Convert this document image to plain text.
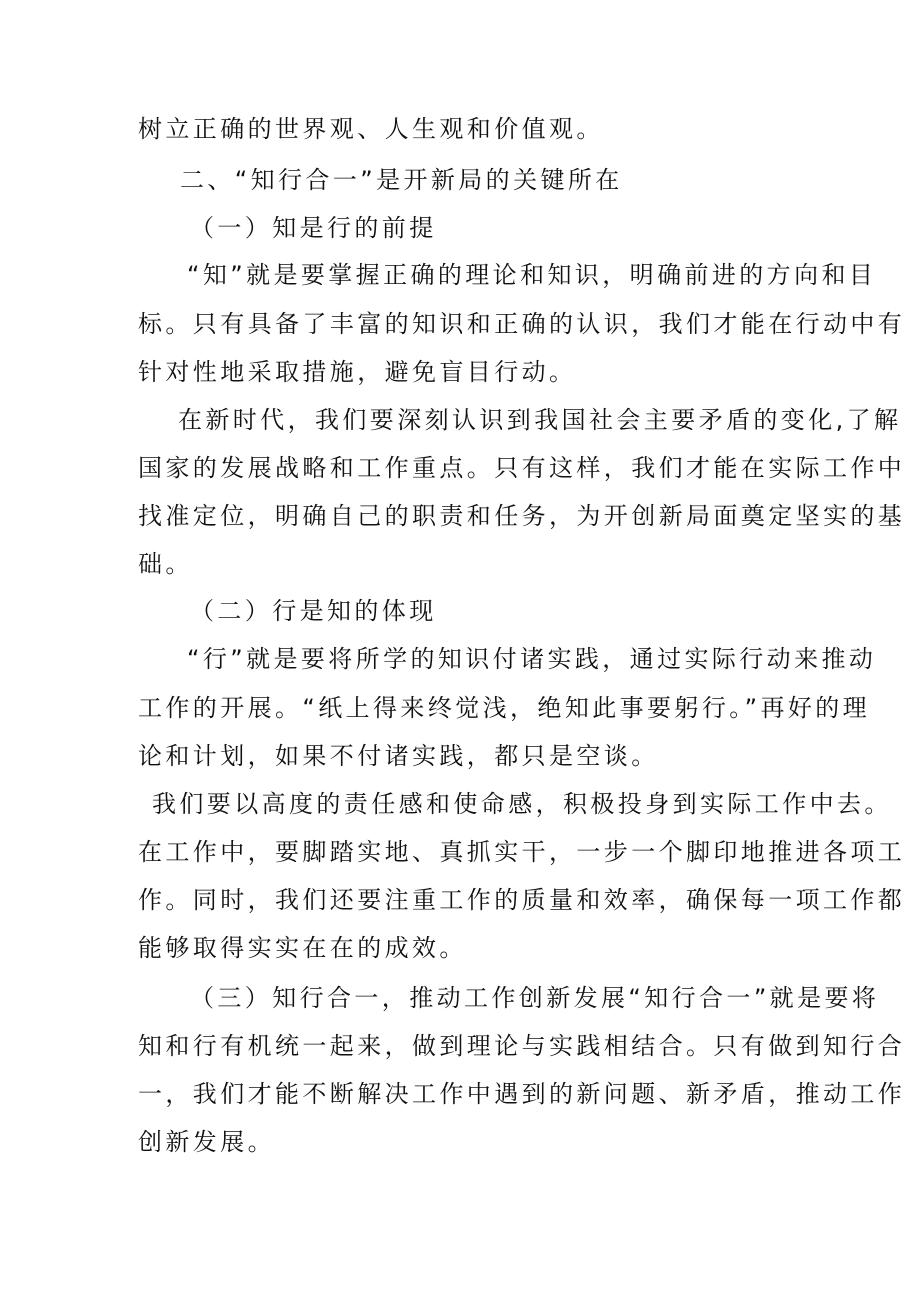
树立正确的世界观、人生观和价值观。
二、“知行合一”是开新局的关键所在
（一）知是行的前提
“知”就是要掌握正确的理论和知识，明确前进的方向和目
标。只有具备了丰富的知识和正确的认识，我们才能在行动中有
针对性地采取措施，避免盲目行动。
在新时代，我们要深刻认识到我国社会主要矛盾的变化,了解
国家的发展战略和工作重点。只有这样，我们才能在实际工作中
找准定位，明确自己的职责和任务，为开创新局面奠定坚实的基
础。
（二）行是知的体现
“行”就是要将所学的知识付诸实践，通过实际行动来推动
工作的开展。“纸上得来终觉浅，绝知此事要躬行。”再好的理
论和计划，如果不付诸实践，都只是空谈。
我们要以高度的责任感和使命感，积极投身到实际工作中去。
在工作中，要脚踏实地、真抓实干，一步一个脚印地推进各项工
作。同时，我们还要注重工作的质量和效率，确保每一项工作都
能够取得实实在在的成效。
（三）知行合一，推动工作创新发展“知行合一”就是要将
知和行有机统一起来，做到理论与实践相结合。只有做到知行合
一，我们才能不断解决工作中遇到的新问题、新矛盾，推动工作
创新发展。
